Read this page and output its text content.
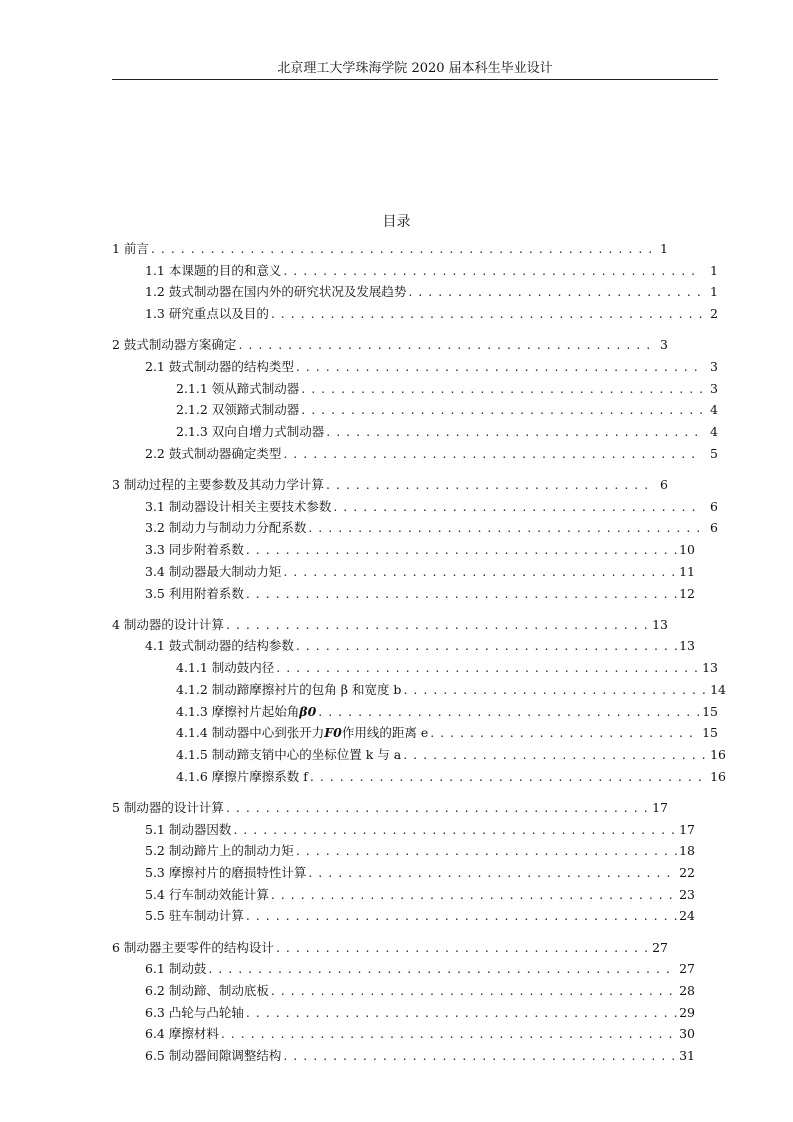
北京理工大学珠海学院 2020 届本科生毕业设计
目录
1 前言 . . .	1
1.1 本课题的目的和意义 . . .	1
1.2 鼓式制动器在国内外的研究状况及发展趋势 . . .	1
1.3 研究重点以及目的 . . .	2
2 鼓式制动器方案确定 . . .	3
2.1 鼓式制动器的结构类型 . . .	3
2.1.1 领从蹄式制动器 . . .	3
2.1.2 双领蹄式制动器 . . .	4
2.1.3 双向自增力式制动器 . . .	4
2.2 鼓式制动器确定类型 . . .	5
3 制动过程的主要参数及其动力学计算 . . .	6
3.1 制动器设计相关主要技术参数 . . .	6
3.2 制动力与制动力分配系数 . . .	6
3.3 同步附着系数 . . .	10
3.4 制动器最大制动力矩 . . .	11
3.5 利用附着系数 . . .	12
4 制动器的设计计算 . . .	13
4.1 鼓式制动器的结构参数 . . .	13
4.1.1 制动鼓内径 . . .	13
4.1.2 制动蹄摩擦衬片的包角 β 和宽度 b . . .	14
4.1.3 摩擦衬片起始角β0 . . .	15
4.1.4 制动器中心到张开力F0作用线的距离 e . . .	15
4.1.5 制动蹄支销中心的坐标位置 k 与 a . . .	16
4.1.6 摩擦片摩擦系数 f . . .	16
5 制动器的设计计算 . . .	17
5.1 制动器因数 . . .	17
5.2 制动蹄片上的制动力矩 . . .	18
5.3 摩擦衬片的磨损特性计算 . . .	22
5.4 行车制动效能计算 . . .	23
5.5 驻车制动计算 . . .	24
6 制动器主要零件的结构设计 . . .	27
6.1 制动鼓 . . .	27
6.2 制动蹄、制动底板 . . .	28
6.3 凸轮与凸轮轴 . . .	29
6.4 摩擦材料 . . .	30
6.5 制动器间隙调整结构 . . .	31
